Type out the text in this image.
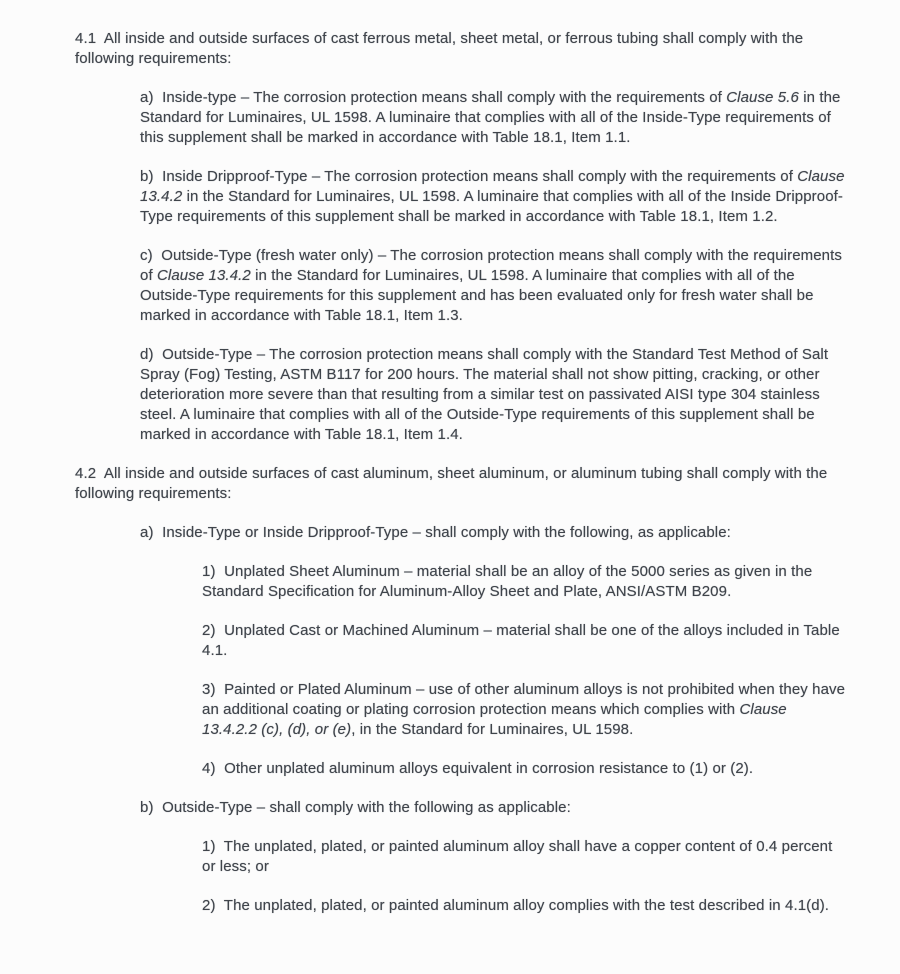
4.1  All inside and outside surfaces of cast ferrous metal, sheet metal, or ferrous tubing shall comply with the following requirements:

a)  Inside-type – The corrosion protection means shall comply with the requirements of Clause 5.6 in the Standard for Luminaires, UL 1598. A luminaire that complies with all of the Inside-Type requirements of this supplement shall be marked in accordance with Table 18.1, Item 1.1.

b)  Inside Dripproof-Type – The corrosion protection means shall comply with the requirements of Clause 13.4.2 in the Standard for Luminaires, UL 1598. A luminaire that complies with all of the Inside Dripproof-Type requirements of this supplement shall be marked in accordance with Table 18.1, Item 1.2.

c)  Outside-Type (fresh water only) – The corrosion protection means shall comply with the requirements of Clause 13.4.2 in the Standard for Luminaires, UL 1598. A luminaire that complies with all of the Outside-Type requirements for this supplement and has been evaluated only for fresh water shall be marked in accordance with Table 18.1, Item 1.3.

d)  Outside-Type – The corrosion protection means shall comply with the Standard Test Method of Salt Spray (Fog) Testing, ASTM B117 for 200 hours. The material shall not show pitting, cracking, or other deterioration more severe than that resulting from a similar test on passivated AISI type 304 stainless steel. A luminaire that complies with all of the Outside-Type requirements of this supplement shall be marked in accordance with Table 18.1, Item 1.4.

4.2  All inside and outside surfaces of cast aluminum, sheet aluminum, or aluminum tubing shall comply with the following requirements:

a)  Inside-Type or Inside Dripproof-Type – shall comply with the following, as applicable:

1)  Unplated Sheet Aluminum – material shall be an alloy of the 5000 series as given in the Standard Specification for Aluminum-Alloy Sheet and Plate, ANSI/ASTM B209.

2)  Unplated Cast or Machined Aluminum – material shall be one of the alloys included in Table 4.1.

3)  Painted or Plated Aluminum – use of other aluminum alloys is not prohibited when they have an additional coating or plating corrosion protection means which complies with Clause 13.4.2.2 (c), (d), or (e), in the Standard for Luminaires, UL 1598.

4)  Other unplated aluminum alloys equivalent in corrosion resistance to (1) or (2).

b)  Outside-Type – shall comply with the following as applicable:

1)  The unplated, plated, or painted aluminum alloy shall have a copper content of 0.4 percent or less; or

2)  The unplated, plated, or painted aluminum alloy complies with the test described in 4.1(d).
